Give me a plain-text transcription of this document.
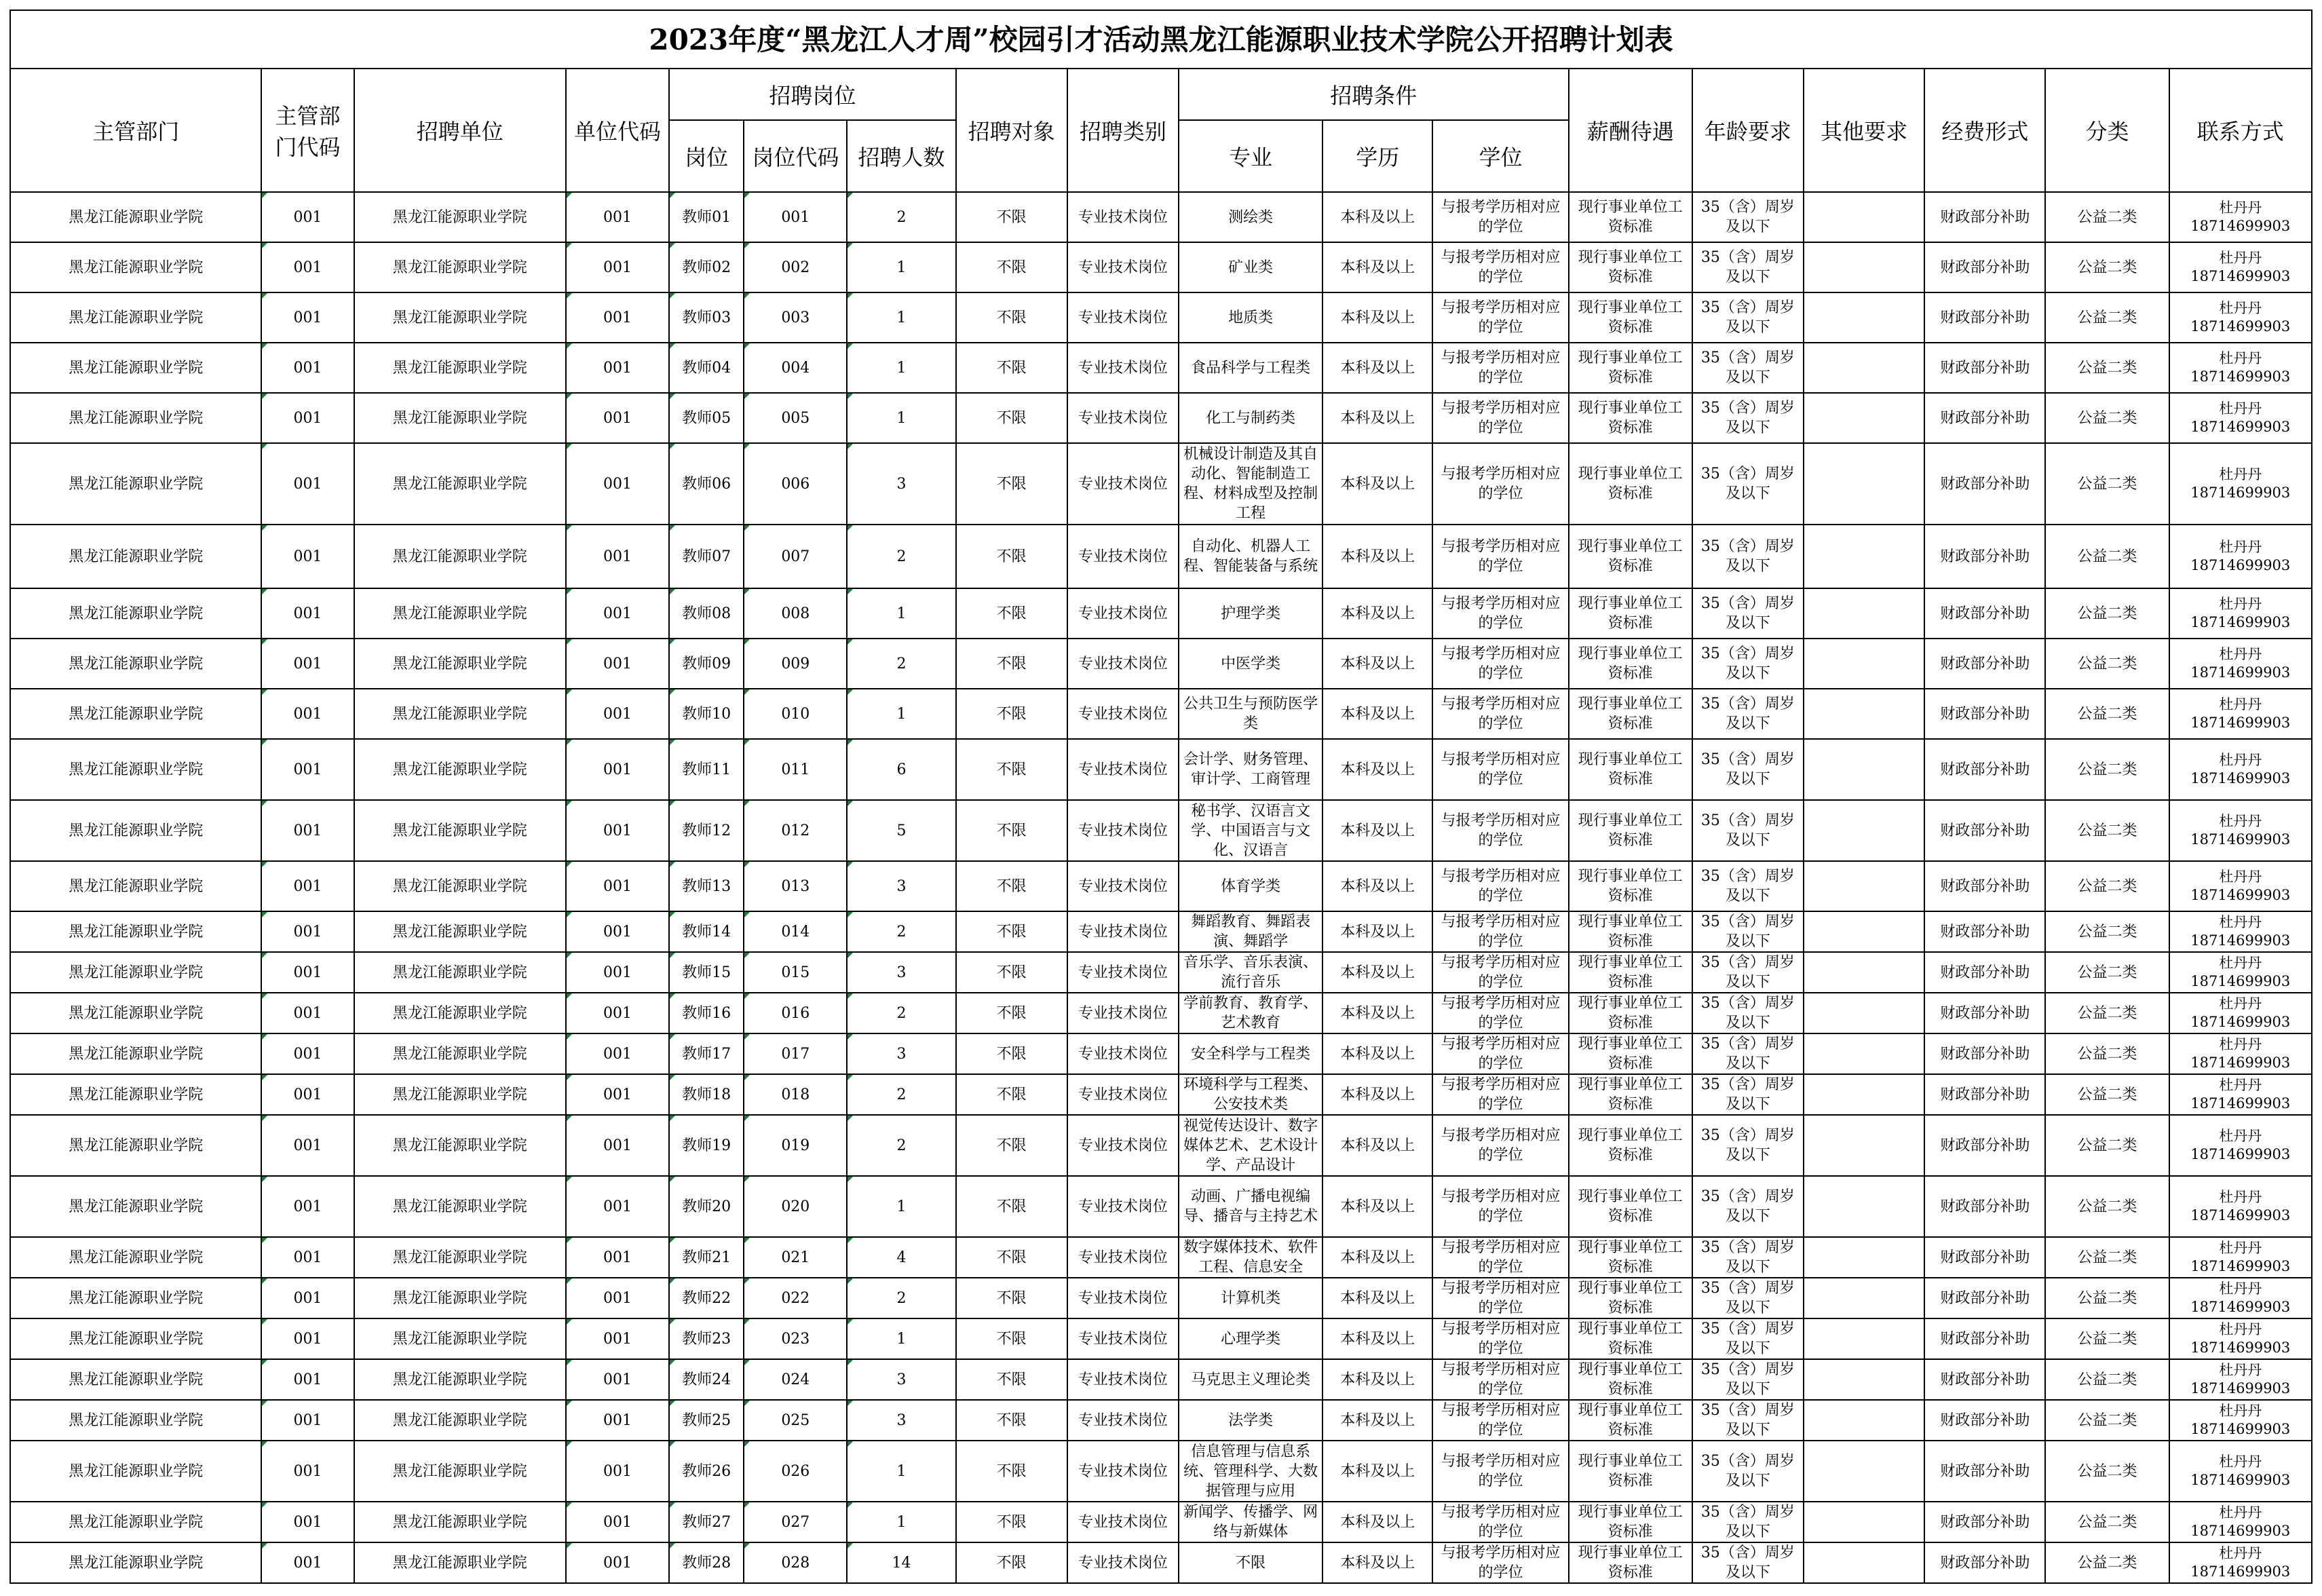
2023年度“黑龙江人才周”校园引才活动黑龙江能源职业技术学院公开招聘计划表
主管部门	主管部门代码	招聘单位	单位代码	招聘岗位			招聘对象	招聘类别	招聘条件			薪酬待遇	年龄要求	其他要求	经费形式	分类	联系方式
				岗位	岗位代码	招聘人数			专业	学历	学位						
黑龙江能源职业学院	001	黑龙江能源职业学院	001	教师01	001	2	不限	专业技术岗位	测绘类	本科及以上	与报考学历相对应的学位	现行事业单位工资标准	35（含）周岁及以下		财政部分补助	公益二类	杜丹丹
18714699903

黑龙江能源职业学院	001	黑龙江能源职业学院	001	教师02	002	1	不限	专业技术岗位	矿业类	本科及以上	与报考学历相对应的学位	现行事业单位工资标准	35（含）周岁及以下		财政部分补助	公益二类	杜丹丹
18714699903

黑龙江能源职业学院	001	黑龙江能源职业学院	001	教师03	003	1	不限	专业技术岗位	地质类	本科及以上	与报考学历相对应的学位	现行事业单位工资标准	35（含）周岁及以下		财政部分补助	公益二类	杜丹丹
18714699903

黑龙江能源职业学院	001	黑龙江能源职业学院	001	教师04	004	1	不限	专业技术岗位	食品科学与工程类	本科及以上	与报考学历相对应的学位	现行事业单位工资标准	35（含）周岁及以下		财政部分补助	公益二类	杜丹丹
18714699903

黑龙江能源职业学院	001	黑龙江能源职业学院	001	教师05	005	1	不限	专业技术岗位	化工与制药类	本科及以上	与报考学历相对应的学位	现行事业单位工资标准	35（含）周岁及以下		财政部分补助	公益二类	杜丹丹
18714699903

黑龙江能源职业学院	001	黑龙江能源职业学院	001	教师06	006	3	不限	专业技术岗位	机械设计制造及其自动化、智能制造工程、材料成型及控制工程	本科及以上	与报考学历相对应的学位	现行事业单位工资标准	35（含）周岁及以下		财政部分补助	公益二类	杜丹丹
18714699903

黑龙江能源职业学院	001	黑龙江能源职业学院	001	教师07	007	2	不限	专业技术岗位	自动化、机器人工程、智能装备与系统	本科及以上	与报考学历相对应的学位	现行事业单位工资标准	35（含）周岁及以下		财政部分补助	公益二类	杜丹丹
18714699903

黑龙江能源职业学院	001	黑龙江能源职业学院	001	教师08	008	1	不限	专业技术岗位	护理学类	本科及以上	与报考学历相对应的学位	现行事业单位工资标准	35（含）周岁及以下		财政部分补助	公益二类	杜丹丹
18714699903

黑龙江能源职业学院	001	黑龙江能源职业学院	001	教师09	009	2	不限	专业技术岗位	中医学类	本科及以上	与报考学历相对应的学位	现行事业单位工资标准	35（含）周岁及以下		财政部分补助	公益二类	杜丹丹
18714699903

黑龙江能源职业学院	001	黑龙江能源职业学院	001	教师10	010	1	不限	专业技术岗位	公共卫生与预防医学类	本科及以上	与报考学历相对应的学位	现行事业单位工资标准	35（含）周岁及以下		财政部分补助	公益二类	杜丹丹
18714699903

黑龙江能源职业学院	001	黑龙江能源职业学院	001	教师11	011	6	不限	专业技术岗位	会计学、财务管理、审计学、工商管理	本科及以上	与报考学历相对应的学位	现行事业单位工资标准	35（含）周岁及以下		财政部分补助	公益二类	杜丹丹
18714699903

黑龙江能源职业学院	001	黑龙江能源职业学院	001	教师12	012	5	不限	专业技术岗位	秘书学、汉语言文学、中国语言与文化、汉语言	本科及以上	与报考学历相对应的学位	现行事业单位工资标准	35（含）周岁及以下		财政部分补助	公益二类	杜丹丹
18714699903

黑龙江能源职业学院	001	黑龙江能源职业学院	001	教师13	013	3	不限	专业技术岗位	体育学类	本科及以上	与报考学历相对应的学位	现行事业单位工资标准	35（含）周岁及以下		财政部分补助	公益二类	杜丹丹
18714699903

黑龙江能源职业学院	001	黑龙江能源职业学院	001	教师14	014	2	不限	专业技术岗位	舞蹈教育、舞蹈表演、舞蹈学	本科及以上	与报考学历相对应的学位	现行事业单位工资标准	35（含）周岁及以下		财政部分补助	公益二类	杜丹丹
18714699903

黑龙江能源职业学院	001	黑龙江能源职业学院	001	教师15	015	3	不限	专业技术岗位	音乐学、音乐表演、流行音乐	本科及以上	与报考学历相对应的学位	现行事业单位工资标准	35（含）周岁及以下		财政部分补助	公益二类	杜丹丹
18714699903

黑龙江能源职业学院	001	黑龙江能源职业学院	001	教师16	016	2	不限	专业技术岗位	学前教育、教育学、艺术教育	本科及以上	与报考学历相对应的学位	现行事业单位工资标准	35（含）周岁及以下		财政部分补助	公益二类	杜丹丹
18714699903

黑龙江能源职业学院	001	黑龙江能源职业学院	001	教师17	017	3	不限	专业技术岗位	安全科学与工程类	本科及以上	与报考学历相对应的学位	现行事业单位工资标准	35（含）周岁及以下		财政部分补助	公益二类	杜丹丹
18714699903

黑龙江能源职业学院	001	黑龙江能源职业学院	001	教师18	018	2	不限	专业技术岗位	环境科学与工程类、公安技术类	本科及以上	与报考学历相对应的学位	现行事业单位工资标准	35（含）周岁及以下		财政部分补助	公益二类	杜丹丹
18714699903

黑龙江能源职业学院	001	黑龙江能源职业学院	001	教师19	019	2	不限	专业技术岗位	视觉传达设计、数字媒体艺术、艺术设计学、产品设计	本科及以上	与报考学历相对应的学位	现行事业单位工资标准	35（含）周岁及以下		财政部分补助	公益二类	杜丹丹
18714699903

黑龙江能源职业学院	001	黑龙江能源职业学院	001	教师20	020	1	不限	专业技术岗位	动画、广播电视编导、播音与主持艺术	本科及以上	与报考学历相对应的学位	现行事业单位工资标准	35（含）周岁及以下		财政部分补助	公益二类	杜丹丹
18714699903

黑龙江能源职业学院	001	黑龙江能源职业学院	001	教师21	021	4	不限	专业技术岗位	数字媒体技术、软件工程、信息安全	本科及以上	与报考学历相对应的学位	现行事业单位工资标准	35（含）周岁及以下		财政部分补助	公益二类	杜丹丹
18714699903

黑龙江能源职业学院	001	黑龙江能源职业学院	001	教师22	022	2	不限	专业技术岗位	计算机类	本科及以上	与报考学历相对应的学位	现行事业单位工资标准	35（含）周岁及以下		财政部分补助	公益二类	杜丹丹
18714699903

黑龙江能源职业学院	001	黑龙江能源职业学院	001	教师23	023	1	不限	专业技术岗位	心理学类	本科及以上	与报考学历相对应的学位	现行事业单位工资标准	35（含）周岁及以下		财政部分补助	公益二类	杜丹丹
18714699903

黑龙江能源职业学院	001	黑龙江能源职业学院	001	教师24	024	3	不限	专业技术岗位	马克思主义理论类	本科及以上	与报考学历相对应的学位	现行事业单位工资标准	35（含）周岁及以下		财政部分补助	公益二类	杜丹丹
18714699903

黑龙江能源职业学院	001	黑龙江能源职业学院	001	教师25	025	3	不限	专业技术岗位	法学类	本科及以上	与报考学历相对应的学位	现行事业单位工资标准	35（含）周岁及以下		财政部分补助	公益二类	杜丹丹
18714699903

黑龙江能源职业学院	001	黑龙江能源职业学院	001	教师26	026	1	不限	专业技术岗位	信息管理与信息系统、管理科学、大数据管理与应用	本科及以上	与报考学历相对应的学位	现行事业单位工资标准	35（含）周岁及以下		财政部分补助	公益二类	杜丹丹
18714699903

黑龙江能源职业学院	001	黑龙江能源职业学院	001	教师27	027	1	不限	专业技术岗位	新闻学、传播学、网络与新媒体	本科及以上	与报考学历相对应的学位	现行事业单位工资标准	35（含）周岁及以下		财政部分补助	公益二类	杜丹丹
18714699903

黑龙江能源职业学院	001	黑龙江能源职业学院	001	教师28	028	14	不限	专业技术岗位	不限	本科及以上	与报考学历相对应的学位	现行事业单位工资标准	35（含）周岁及以下		财政部分补助	公益二类	杜丹丹
18714699903
